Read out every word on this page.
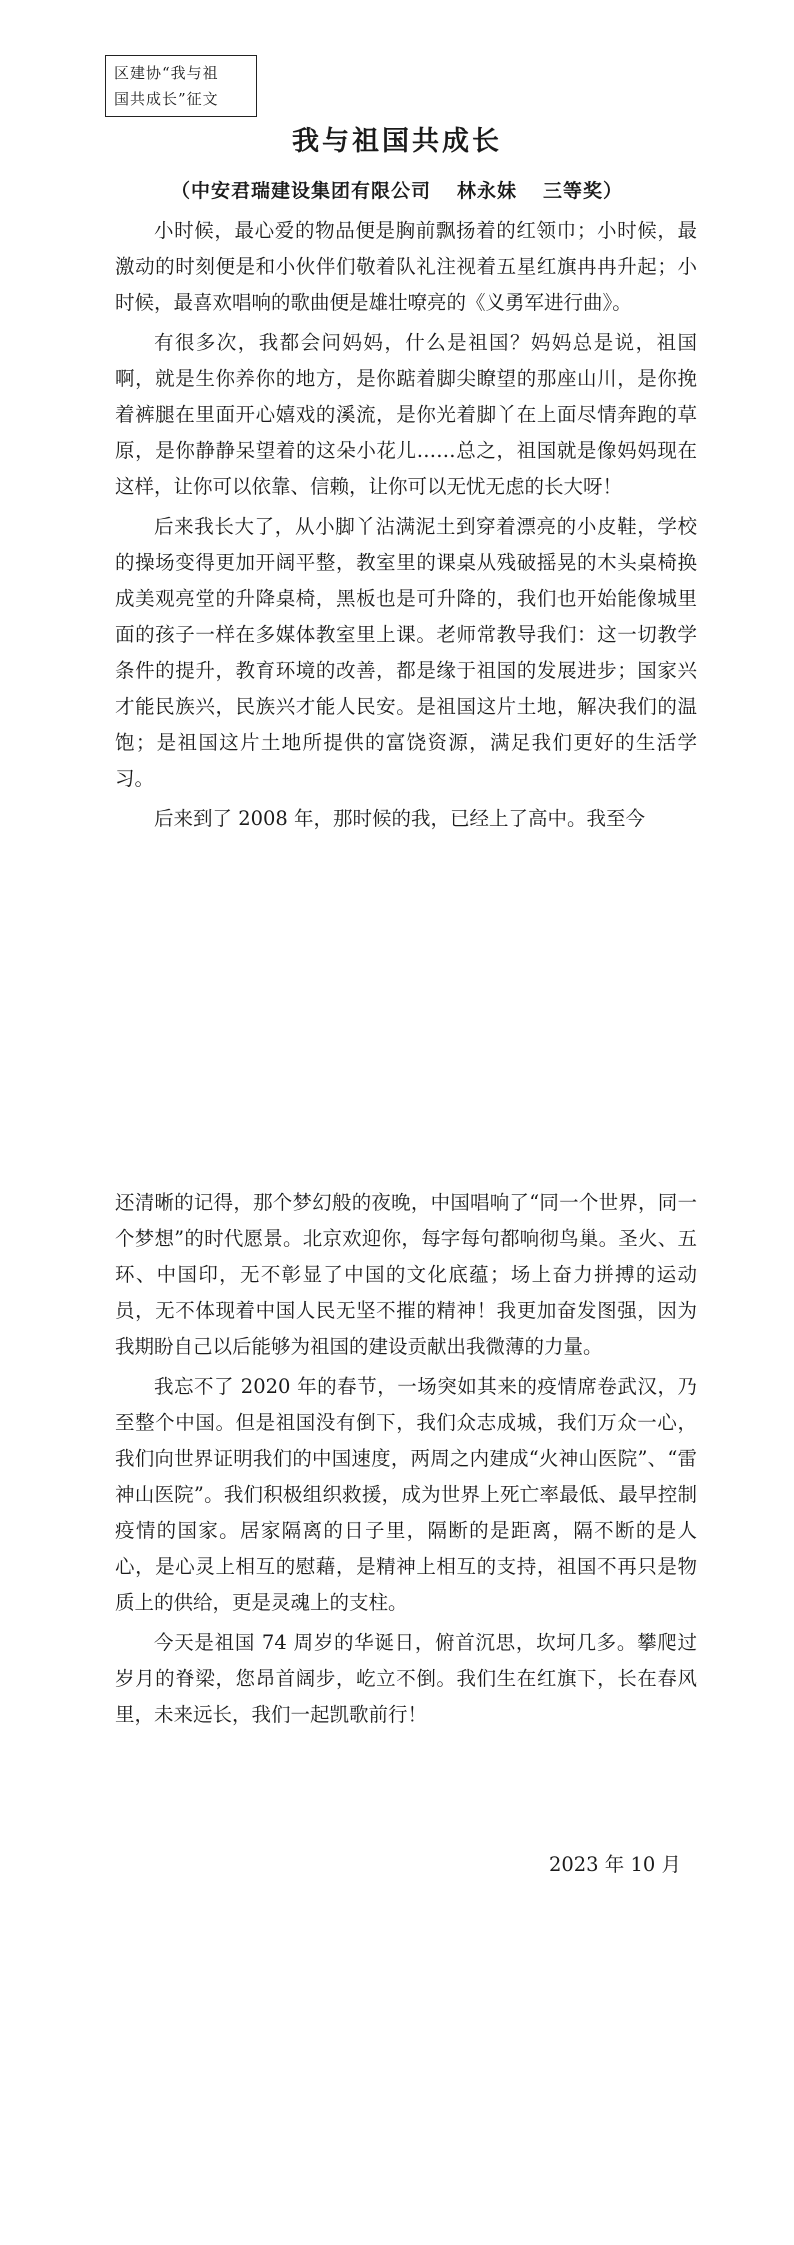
区建协“我与祖
国共成长”征文
我与祖国共成长
（中安君瑞建设集团有限公司 林永妹 三等奖）

小时候，最心爱的物品便是胸前飘扬着的红领巾；小时候，最激动的时刻便是和小伙伴们敬着队礼注视着五星红旗冉冉升起；小时候，最喜欢唱响的歌曲便是雄壮嘹亮的《义勇军进行曲》。

有很多次，我都会问妈妈，什么是祖国？妈妈总是说，祖国啊，就是生你养你的地方，是你踮着脚尖瞭望的那座山川，是你挽着裤腿在里面开心嬉戏的溪流，是你光着脚丫在上面尽情奔跑的草原，是你静静呆望着的这朵小花儿……总之，祖国就是像妈妈现在这样，让你可以依靠、信赖，让你可以无忧无虑的长大呀！

后来我长大了，从小脚丫沾满泥土到穿着漂亮的小皮鞋，学校的操场变得更加开阔平整，教室里的课桌从残破摇晃的木头桌椅换成美观亮堂的升降桌椅，黑板也是可升降的，我们也开始能像城里面的孩子一样在多媒体教室里上课。老师常教导我们：这一切教学条件的提升，教育环境的改善，都是缘于祖国的发展进步；国家兴才能民族兴，民族兴才能人民安。是祖国这片土地，解决我们的温饱；是祖国这片土地所提供的富饶资源，满足我们更好的生活学习。

后来到了 2008 年，那时候的我，已经上了高中。我至今

还清晰的记得，那个梦幻般的夜晚，中国唱响了“同一个世界，同一个梦想”的时代愿景。北京欢迎你，每字每句都响彻鸟巢。圣火、五环、中国印，无不彰显了中国的文化底蕴；场上奋力拼搏的运动员，无不体现着中国人民无坚不摧的精神！我更加奋发图强，因为我期盼自己以后能够为祖国的建设贡献出我微薄的力量。

我忘不了 2020 年的春节，一场突如其来的疫情席卷武汉，乃至整个中国。但是祖国没有倒下，我们众志成城，我们万众一心，我们向世界证明我们的中国速度，两周之内建成“火神山医院”、“雷神山医院”。我们积极组织救援，成为世界上死亡率最低、最早控制疫情的国家。居家隔离的日子里，隔断的是距离，隔不断的是人心，是心灵上相互的慰藉，是精神上相互的支持，祖国不再只是物质上的供给，更是灵魂上的支柱。

今天是祖国 74 周岁的华诞日，俯首沉思，坎坷几多。攀爬过岁月的脊梁，您昂首阔步，屹立不倒。我们生在红旗下，长在春风里，未来远长，我们一起凯歌前行！

2023 年 10 月
